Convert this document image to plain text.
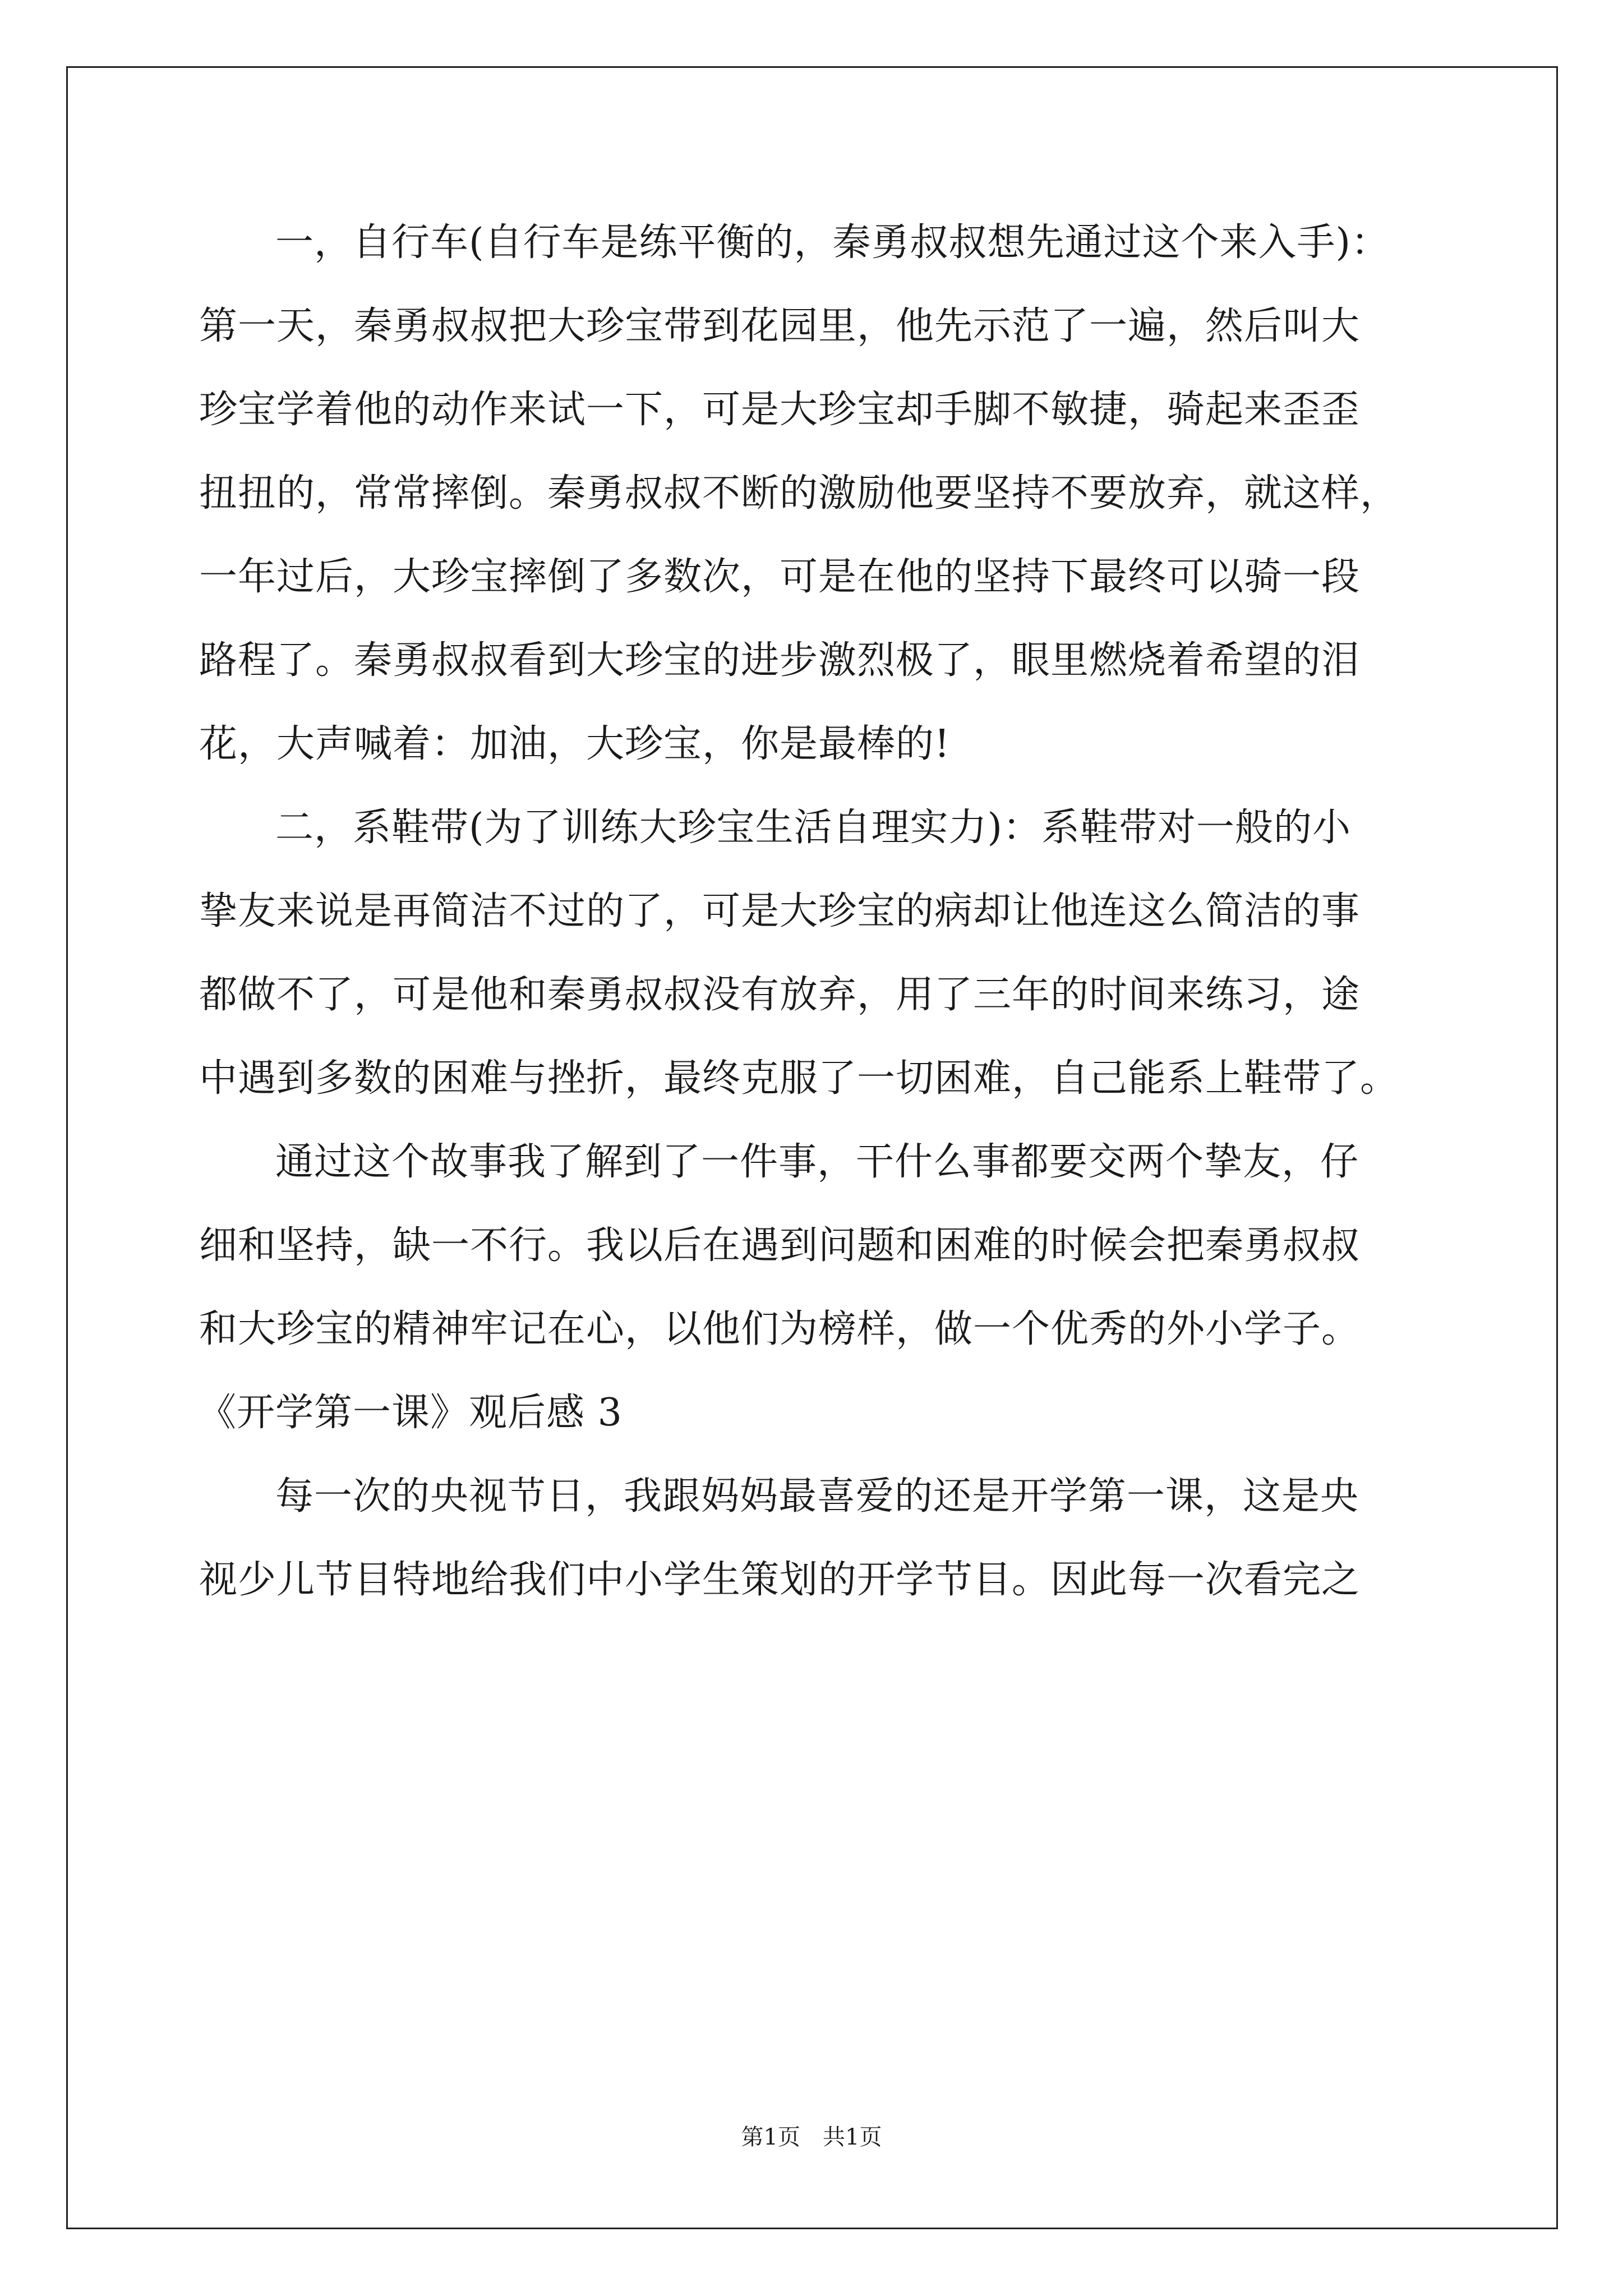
一，自行车(自行车是练平衡的，秦勇叔叔想先通过这个来入手)：
第一天，秦勇叔叔把大珍宝带到花园里，他先示范了一遍，然后叫大
珍宝学着他的动作来试一下，可是大珍宝却手脚不敏捷，骑起来歪歪
扭扭的，常常摔倒。秦勇叔叔不断的激励他要坚持不要放弃，就这样，
一年过后，大珍宝摔倒了多数次，可是在他的坚持下最终可以骑一段
路程了。秦勇叔叔看到大珍宝的进步激烈极了，眼里燃烧着希望的泪
花，大声喊着：加油，大珍宝，你是最棒的!
二，系鞋带(为了训练大珍宝生活自理实力)：系鞋带对一般的小
挚友来说是再简洁不过的了，可是大珍宝的病却让他连这么简洁的事
都做不了，可是他和秦勇叔叔没有放弃，用了三年的时间来练习，途
中遇到多数的困难与挫折，最终克服了一切困难，自己能系上鞋带了。
通过这个故事我了解到了一件事，干什么事都要交两个挚友，仔
细和坚持，缺一不行。我以后在遇到问题和困难的时候会把秦勇叔叔
和大珍宝的精神牢记在心，以他们为榜样，做一个优秀的外小学子。
《开学第一课》观后感 3
每一次的央视节日，我跟妈妈最喜爱的还是开学第一课，这是央
视少儿节目特地给我们中小学生策划的开学节目。因此每一次看完之
第1页 共1页
